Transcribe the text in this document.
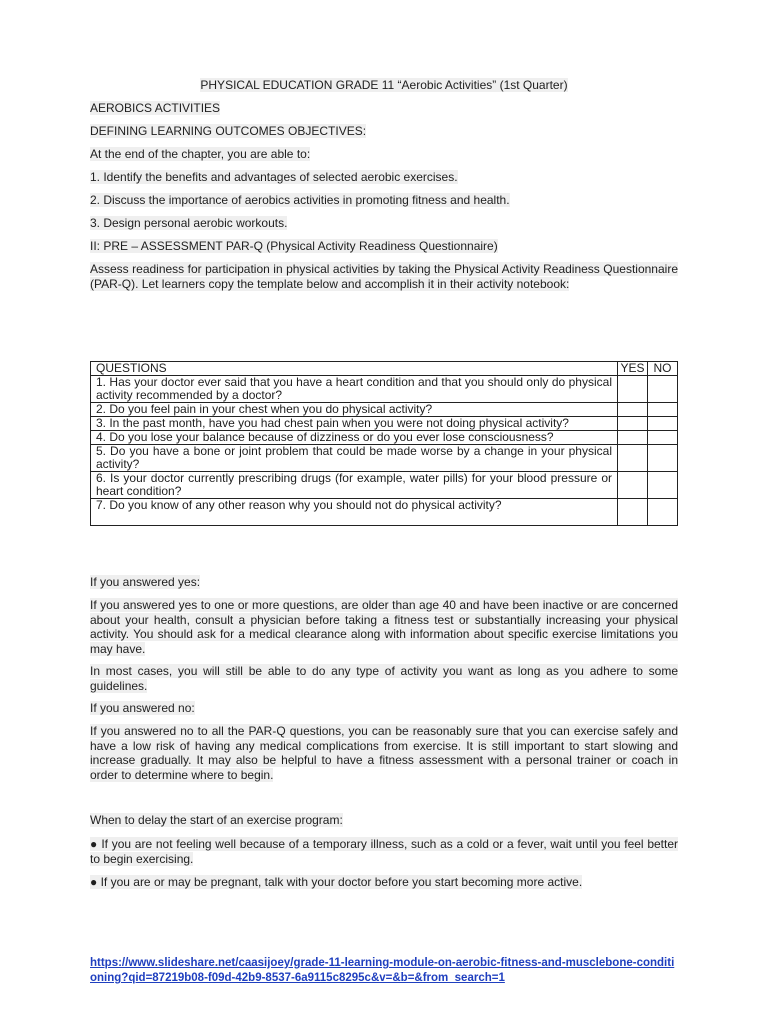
PHYSICAL EDUCATION GRADE 11 “Aerobic Activities” (1st Quarter)
AEROBICS ACTIVITIES
DEFINING LEARNING OUTCOMES OBJECTIVES:
At the end of the chapter, you are able to:
1. Identify the benefits and advantages of selected aerobic exercises.
2. Discuss the importance of aerobics activities in promoting fitness and health.
3. Design personal aerobic workouts.
II: PRE – ASSESSMENT PAR-Q (Physical Activity Readiness Questionnaire)
Assess readiness for participation in physical activities by taking the Physical Activity Readiness Questionnaire (PAR-Q). Let learners copy the template below and accomplish it in their activity notebook:
QUESTIONS	YES	NO
1. Has your doctor ever said that you have a heart condition and that you should only do physical activity recommended by a doctor?		
2. Do you feel pain in your chest when you do physical activity?		
3. In the past month, have you had chest pain when you were not doing physical activity?		
4. Do you lose your balance because of dizziness or do you ever lose consciousness?		
5. Do you have a bone or joint problem that could be made worse by a change in your physical activity?		
6. Is your doctor currently prescribing drugs (for example, water pills) for your blood pressure or heart condition?		
7. Do you know of any other reason why you should not do physical activity?		
If you answered yes:
If you answered yes to one or more questions, are older than age 40 and have been inactive or are concerned about your health, consult a physician before taking a fitness test or substantially increasing your physical activity. You should ask for a medical clearance along with information about specific exercise limitations you may have.
In most cases, you will still be able to do any type of activity you want as long as you adhere to some guidelines.
If you answered no:
If you answered no to all the PAR-Q questions, you can be reasonably sure that you can exercise safely and have a low risk of having any medical complications from exercise. It is still important to start slowing and increase gradually. It may also be helpful to have a fitness assessment with a personal trainer or coach in order to determine where to begin.
When to delay the start of an exercise program:
● If you are not feeling well because of a temporary illness, such as a cold or a fever, wait until you feel better to begin exercising.
● If you are or may be pregnant, talk with your doctor before you start becoming more active.
https://www.slideshare.net/caasijoey/grade-11-learning-module-on-aerobic-fitness-and-musclebone-conditioning?qid=87219b08-f09d-42b9-8537-6a9115c8295c&v=&b=&from_search=1
